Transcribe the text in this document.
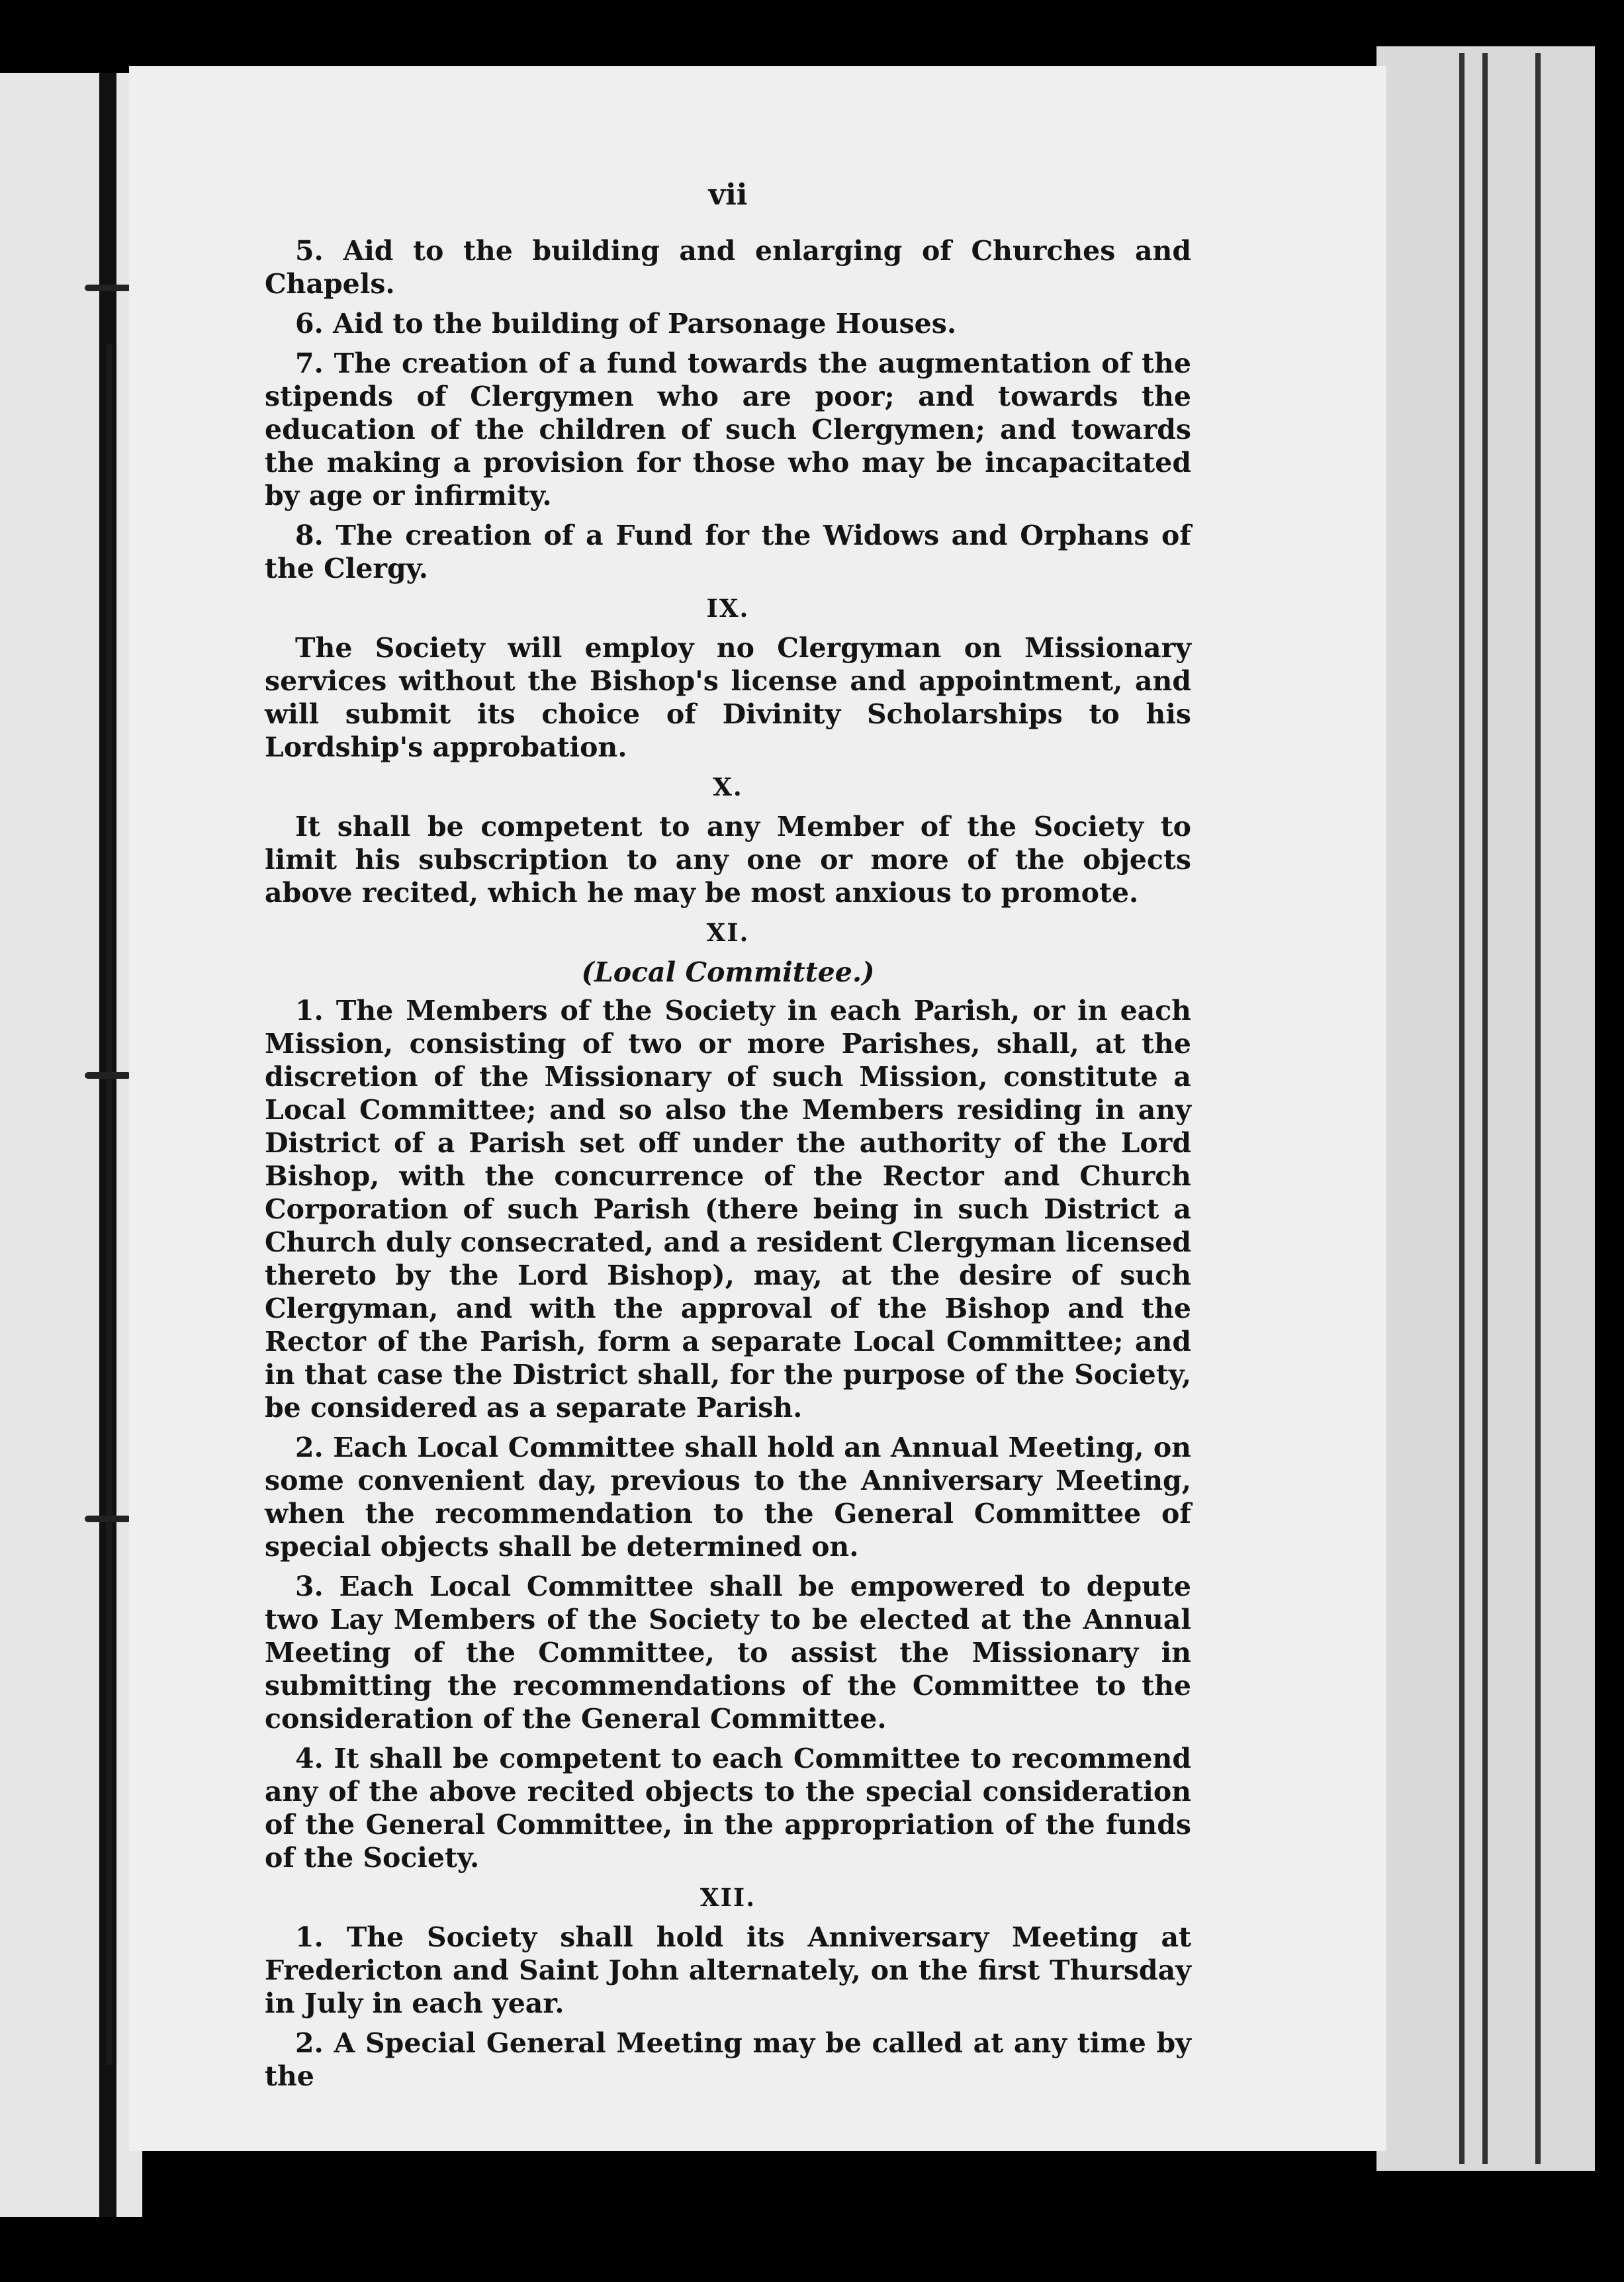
vii
5. Aid to the building and enlarging of Churches and Chapels.
6. Aid to the building of Parsonage Houses.
7. The creation of a fund towards the augmentation of the stipends of Clergymen who are poor; and towards the education of the children of such Clergymen; and towards the making a provision for those who may be incapacitated by age or infirmity.
8. The creation of a Fund for the Widows and Orphans of the Clergy.
IX.
The Society will employ no Clergyman on Missionary services without the Bishop's license and appointment, and will submit its choice of Divinity Scholarships to his Lordship's approbation.
X.
It shall be competent to any Member of the Society to limit his subscription to any one or more of the objects above recited, which he may be most anxious to promote.
XI.
(Local Committee.)
1. The Members of the Society in each Parish, or in each Mission, consisting of two or more Parishes, shall, at the discretion of the Missionary of such Mission, constitute a Local Committee; and so also the Members residing in any District of a Parish set off under the authority of the Lord Bishop, with the concurrence of the Rector and Church Corporation of such Parish (there being in such District a Church duly consecrated, and a resident Clergyman licensed thereto by the Lord Bishop), may, at the desire of such Clergyman, and with the approval of the Bishop and the Rector of the Parish, form a separate Local Committee; and in that case the District shall, for the purpose of the Society, be considered as a separate Parish.
2. Each Local Committee shall hold an Annual Meeting, on some convenient day, previous to the Anniversary Meeting, when the recommendation to the General Committee of special objects shall be determined on.
3. Each Local Committee shall be empowered to depute two Lay Members of the Society to be elected at the Annual Meeting of the Committee, to assist the Missionary in submitting the recommendations of the Committee to the consideration of the General Committee.
4. It shall be competent to each Committee to recommend any of the above recited objects to the special consideration of the General Committee, in the appropriation of the funds of the Society.
XII.
1. The Society shall hold its Anniversary Meeting at Fredericton and Saint John alternately, on the first Thursday in July in each year.
2. A Special General Meeting may be called at any time by the
